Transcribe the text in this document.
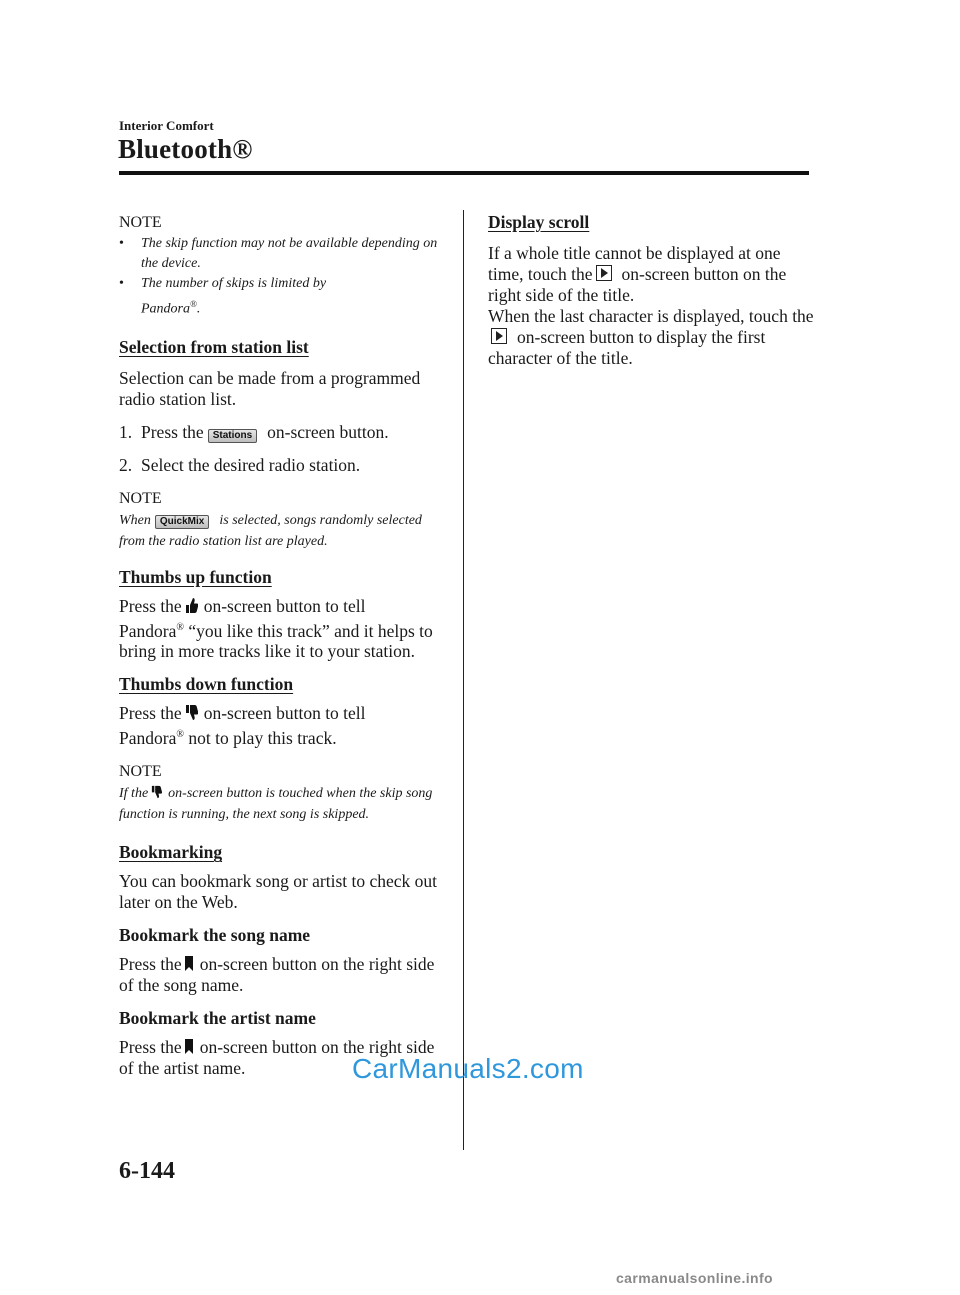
Interior Comfort
Bluetooth®

NOTE

• The skip function may not be available depending on the device.
• The number of skips is limited by
Pandora®.

Selection from station list

Selection can be made from a programmed radio station list.

1. Press the Stations on-screen button.

2. Select the desired radio station.

NOTE

When QuickMix is selected, songs randomly selected from the radio station list are played.

Thumbs up function

Press the on-screen button to tell
Pandora® “you like this track” and it helps to bring in more tracks like it to your station.

Thumbs down function

Press the on-screen button to tell
Pandora® not to play this track.

NOTE

If the on-screen button is touched when the skip song function is running, the next song is skipped.

Bookmarking

You can bookmark song or artist to check out later on the Web.

Bookmark the song name

Press the on-screen button on the right side of the song name.

Bookmark the artist name

Press the on-screen button on the right side of the artist name.

Display scroll

If a whole title cannot be displayed at one time, touch the on-screen button on the right side of the title.

When the last character is displayed, touch theon-screen button to display the first character of the title.

CarManuals2.com
6-144
carmanualsonline.info
